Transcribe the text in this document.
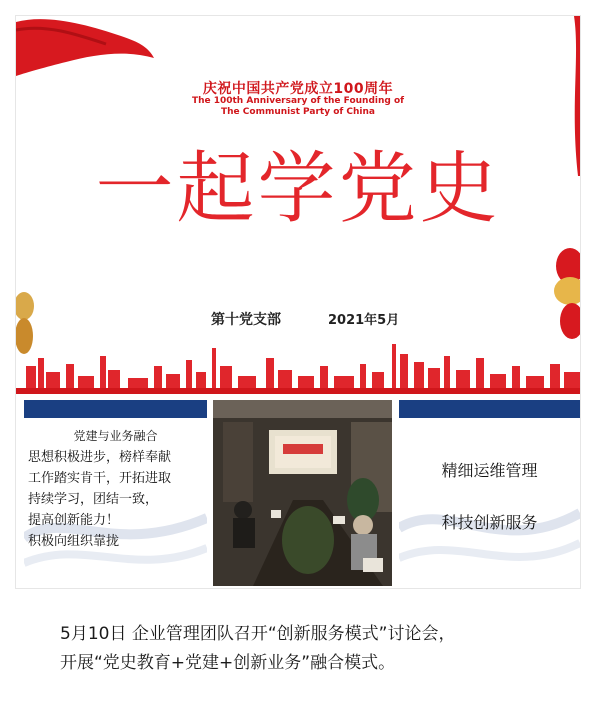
庆祝中国共产党成立100周年
The 100th Anniversary of the Founding of
The Communist Party of China
一起学党史
第十党支部	2021年5月
党建与业务融合
思想积极进步，榜样奉献
工作踏实肯干，开拓进取
持续学习，团结一致，
提高创新能力！
积极向组织靠拢
精细运维管理
科技创新服务
5月10日 企业管理团队召开“创新服务模式”讨论会，
开展“党史教育+党建+创新业务”融合模式。
